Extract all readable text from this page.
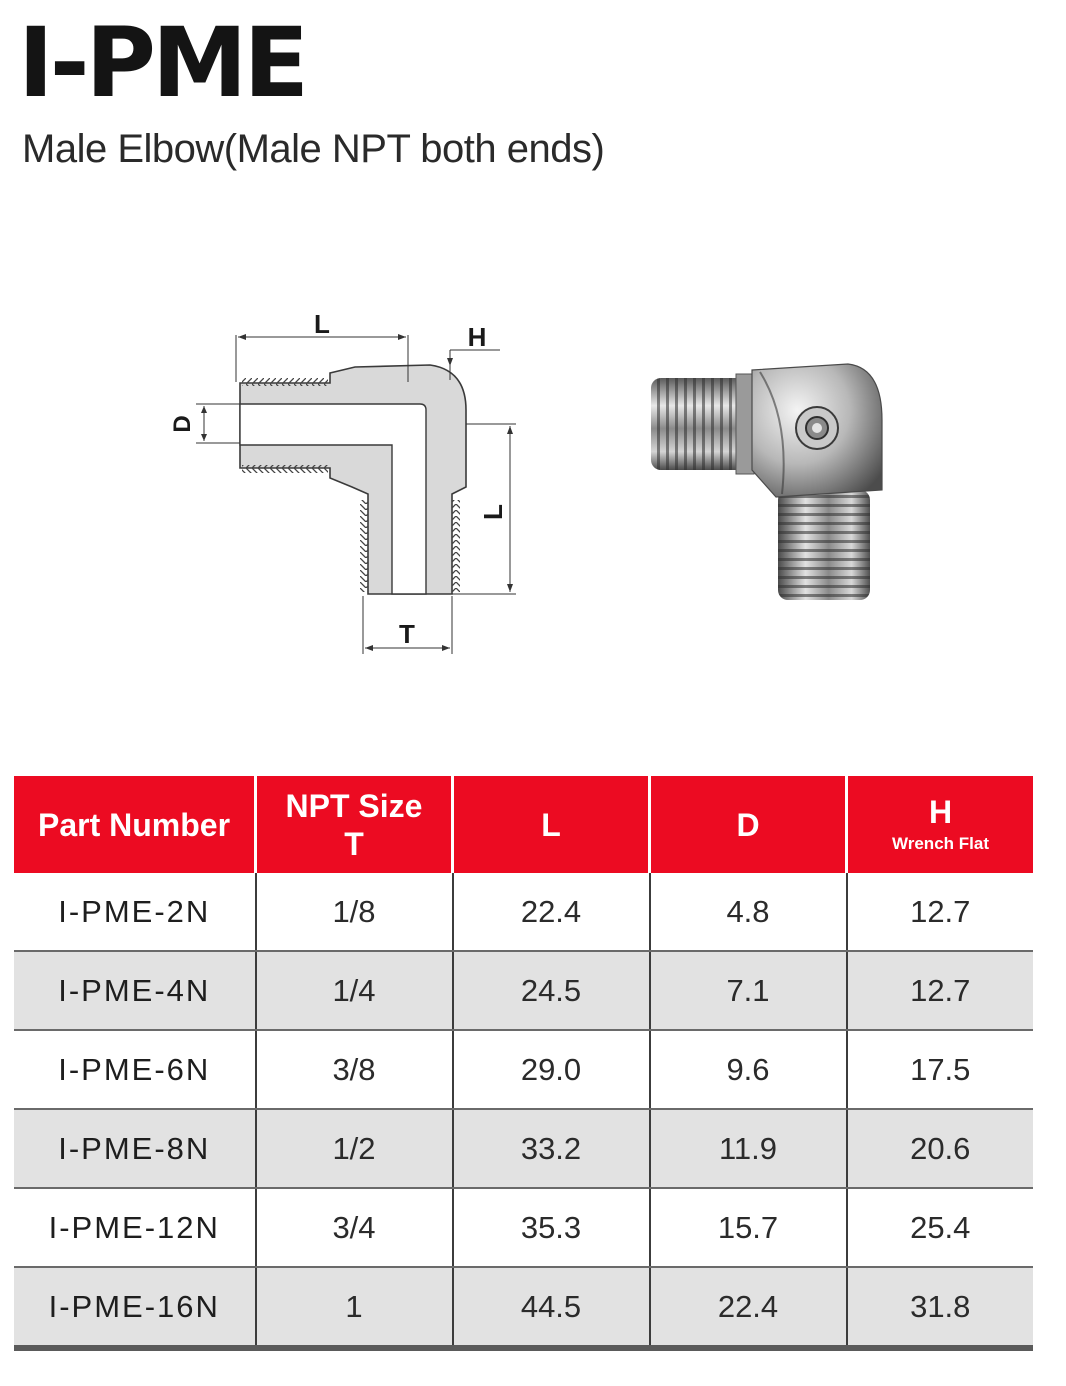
I-PME
Male Elbow(Male NPT both ends)
L	H
D
L
T
Part Number	NPT Size
T	L	D	H
Wrench Flat

I-PME-2N	1/8	22.4	4.8	12.7
I-PME-4N	1/4	24.5	7.1	12.7
I-PME-6N	3/8	29.0	9.6	17.5
I-PME-8N	1/2	33.2	11.9	20.6
I-PME-12N	3/4	35.3	15.7	25.4
I-PME-16N	1	44.5	22.4	31.8
